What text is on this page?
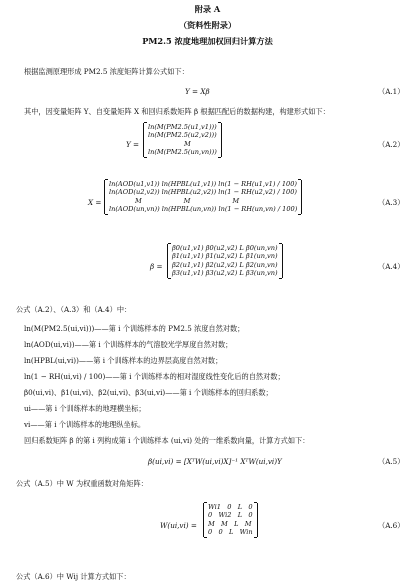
附录 A
（资料性附录）
PM2.5 浓度地理加权回归计算方法
根据监测原理形成 PM2.5 浓度矩阵计算公式如下：
Y = Xβ	（A.1）
其中，因变量矩阵 Y、自变量矩阵 X 和回归系数矩阵 β 根据匹配后的数据构建，构建形式如下：
Y =
ln(M(PM2.5(u1,v1)))
ln(M(PM2.5(u2,v2)))
M
ln(M(PM2.5(un,vn)))
（A.2）
X =
ln(AOD(u1,v1)) ln(HPBL(u1,v1)) ln(1 − RH(u1,v1) / 100)
ln(AOD(u2,v2)) ln(HPBL(u2,v2)) ln(1 − RH(u2,v2) / 100)
M                    M                    M
ln(AOD(un,vn)) ln(HPBL(un,vn)) ln(1 − RH(un,vn) / 100)
（A.3）
β =
β0(u1,v1) β0(u2,v2) L β0(un,vn)
β1(u1,v1) β1(u2,v2) L β1(un,vn)
β2(u1,v1) β2(u2,v2) L β2(un,vn)
β3(u1,v1) β3(u2,v2) L β3(un,vn)
（A.4）
公式（A.2）、（A.3）和（A.4）中：
ln(M(PM2.5(ui,vi)))——第 i 个训练样本的 PM2.5 浓度自然对数；
ln(AOD(ui,vi))——第 i 个训练样本的气溶胶光学厚度自然对数；
ln(HPBL(ui,vi))——第 i 个训练样本的边界层高度自然对数；
ln(1 − RH(ui,vi) / 100)——第 i 个训练样本的相对湿度线性变化后的自然对数；
β0(ui,vi)、β1(ui,vi)、β2(ui,vi)、β3(ui,vi)——第 i 个训练样本的回归系数；
ui——第 i 个训练样本的地理横坐标；
vi——第 i 个训练样本的地理纵坐标。
回归系数矩阵 β 的第 i 列构成第 i 个训练样本 (ui,vi) 处的一维系数向量，计算方式如下：
β(ui,vi) = [XᵀW(ui,vi)X]⁻¹ XᵀW(ui,vi)Y	（A.5）
公式（A.5）中 W 为权重函数对角矩阵：
W(ui,vi) =
Wi1   0   L   0
0   Wi2   L   0
M   M   L   M
0   0   L   Win
（A.6）
公式（A.6）中 Wij 计算方式如下：
